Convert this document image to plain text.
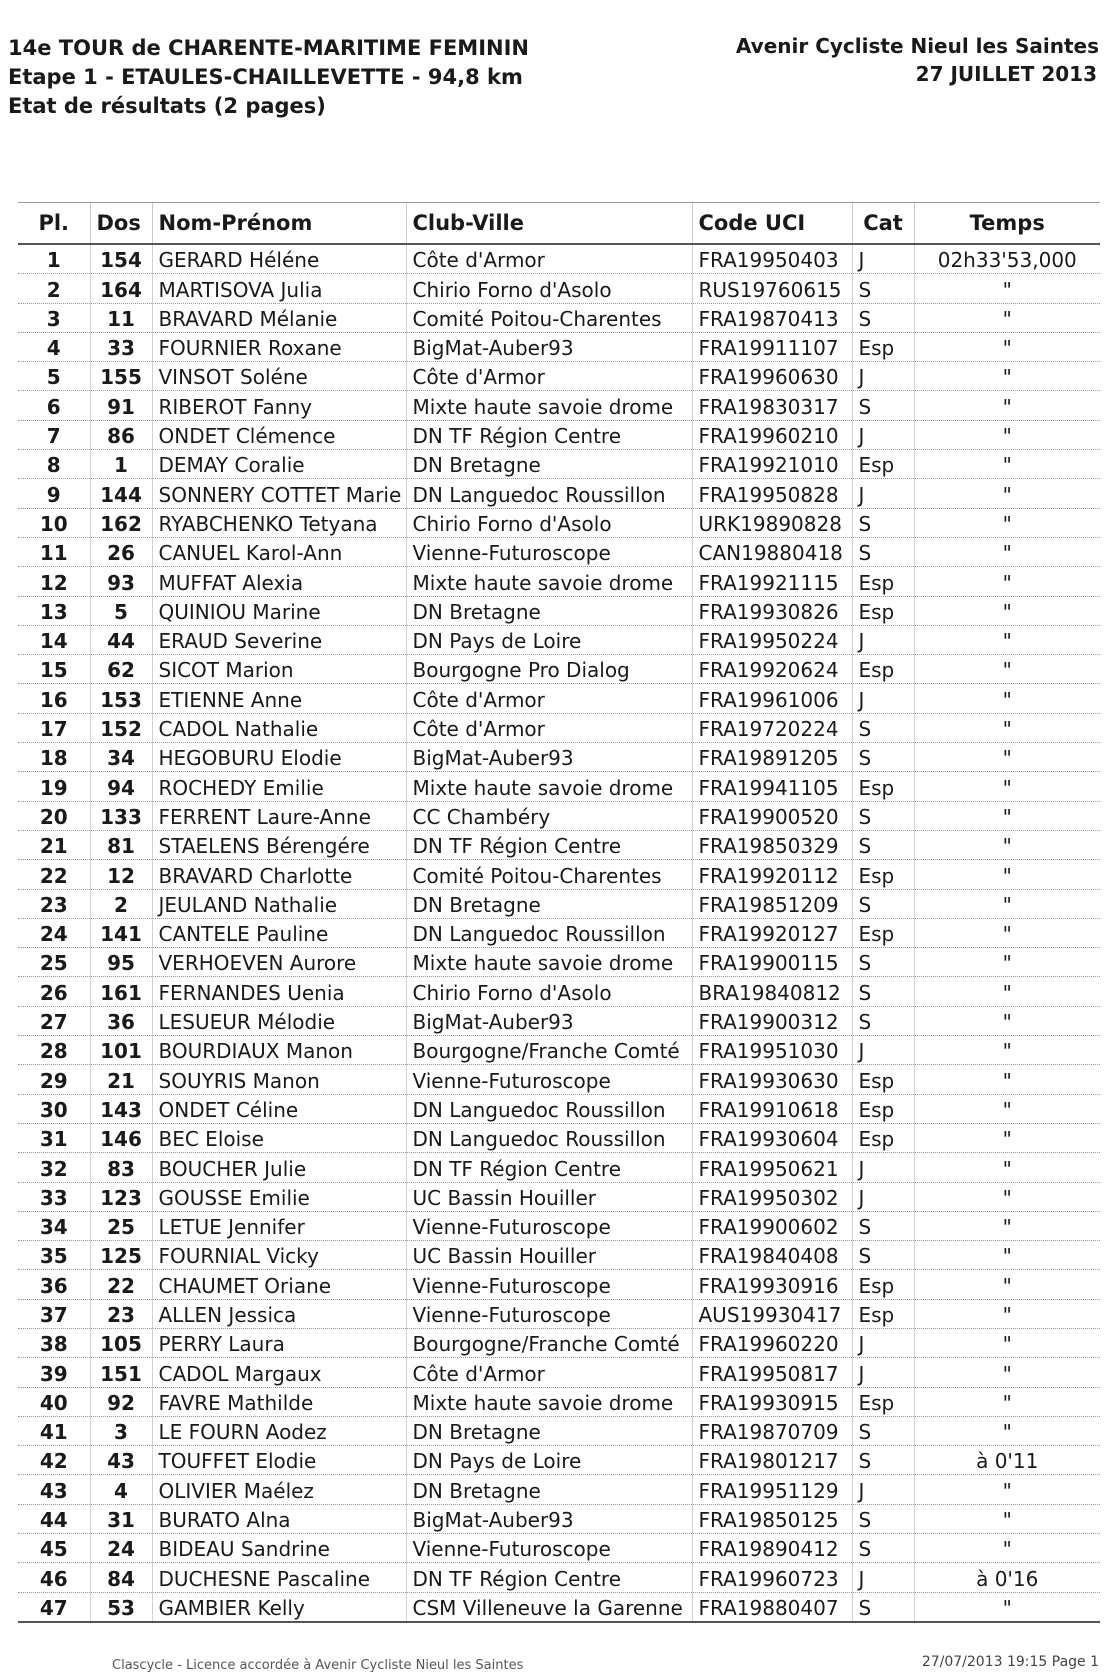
14e TOUR de CHARENTE-MARITIME FEMININ
Etape 1 - ETAULES-CHAILLEVETTE - 94,8 km
Etat de résultats (2 pages)
Avenir Cycliste Nieul les Saintes
27 JUILLET 2013
Pl.	Dos	Nom-Prénom	Club-Ville	Code UCI	Cat	Temps
1	154	GERARD Héléne	Côte d'Armor	FRA19950403	J	02h33'53,000
2	164	MARTISOVA Julia	Chirio Forno d'Asolo	RUS19760615	S	"
3	11	BRAVARD Mélanie	Comité Poitou-Charentes	FRA19870413	S	"
4	33	FOURNIER Roxane	BigMat-Auber93	FRA19911107	Esp	"
5	155	VINSOT Soléne	Côte d'Armor	FRA19960630	J	"
6	91	RIBEROT Fanny	Mixte haute savoie drome	FRA19830317	S	"
7	86	ONDET Clémence	DN TF Région Centre	FRA19960210	J	"
8	1	DEMAY Coralie	DN Bretagne	FRA19921010	Esp	"
9	144	SONNERY COTTET Marie	DN Languedoc Roussillon	FRA19950828	J	"
10	162	RYABCHENKO Tetyana	Chirio Forno d'Asolo	URK19890828	S	"
11	26	CANUEL Karol-Ann	Vienne-Futuroscope	CAN19880418	S	"
12	93	MUFFAT Alexia	Mixte haute savoie drome	FRA19921115	Esp	"
13	5	QUINIOU Marine	DN Bretagne	FRA19930826	Esp	"
14	44	ERAUD Severine	DN Pays de Loire	FRA19950224	J	"
15	62	SICOT Marion	Bourgogne Pro Dialog	FRA19920624	Esp	"
16	153	ETIENNE Anne	Côte d'Armor	FRA19961006	J	"
17	152	CADOL Nathalie	Côte d'Armor	FRA19720224	S	"
18	34	HEGOBURU Elodie	BigMat-Auber93	FRA19891205	S	"
19	94	ROCHEDY Emilie	Mixte haute savoie drome	FRA19941105	Esp	"
20	133	FERRENT Laure-Anne	CC Chambéry	FRA19900520	S	"
21	81	STAELENS Bérengére	DN TF Région Centre	FRA19850329	S	"
22	12	BRAVARD Charlotte	Comité Poitou-Charentes	FRA19920112	Esp	"
23	2	JEULAND Nathalie	DN Bretagne	FRA19851209	S	"
24	141	CANTELE Pauline	DN Languedoc Roussillon	FRA19920127	Esp	"
25	95	VERHOEVEN Aurore	Mixte haute savoie drome	FRA19900115	S	"
26	161	FERNANDES Uenia	Chirio Forno d'Asolo	BRA19840812	S	"
27	36	LESUEUR Mélodie	BigMat-Auber93	FRA19900312	S	"
28	101	BOURDIAUX Manon	Bourgogne/Franche Comté	FRA19951030	J	"
29	21	SOUYRIS Manon	Vienne-Futuroscope	FRA19930630	Esp	"
30	143	ONDET Céline	DN Languedoc Roussillon	FRA19910618	Esp	"
31	146	BEC Eloise	DN Languedoc Roussillon	FRA19930604	Esp	"
32	83	BOUCHER Julie	DN TF Région Centre	FRA19950621	J	"
33	123	GOUSSE Emilie	UC Bassin Houiller	FRA19950302	J	"
34	25	LETUE Jennifer	Vienne-Futuroscope	FRA19900602	S	"
35	125	FOURNIAL Vicky	UC Bassin Houiller	FRA19840408	S	"
36	22	CHAUMET Oriane	Vienne-Futuroscope	FRA19930916	Esp	"
37	23	ALLEN Jessica	Vienne-Futuroscope	AUS19930417	Esp	"
38	105	PERRY Laura	Bourgogne/Franche Comté	FRA19960220	J	"
39	151	CADOL Margaux	Côte d'Armor	FRA19950817	J	"
40	92	FAVRE Mathilde	Mixte haute savoie drome	FRA19930915	Esp	"
41	3	LE FOURN Aodez	DN Bretagne	FRA19870709	S	"
42	43	TOUFFET Elodie	DN Pays de Loire	FRA19801217	S	à 0'11
43	4	OLIVIER Maélez	DN Bretagne	FRA19951129	J	"
44	31	BURATO Alna	BigMat-Auber93	FRA19850125	S	"
45	24	BIDEAU Sandrine	Vienne-Futuroscope	FRA19890412	S	"
46	84	DUCHESNE Pascaline	DN TF Région Centre	FRA19960723	J	à 0'16
47	53	GAMBIER Kelly	CSM Villeneuve la Garenne	FRA19880407	S	"
Clascycle - Licence accordée à Avenir Cycliste Nieul les Saintes	27/07/2013 19:15 Page 1
